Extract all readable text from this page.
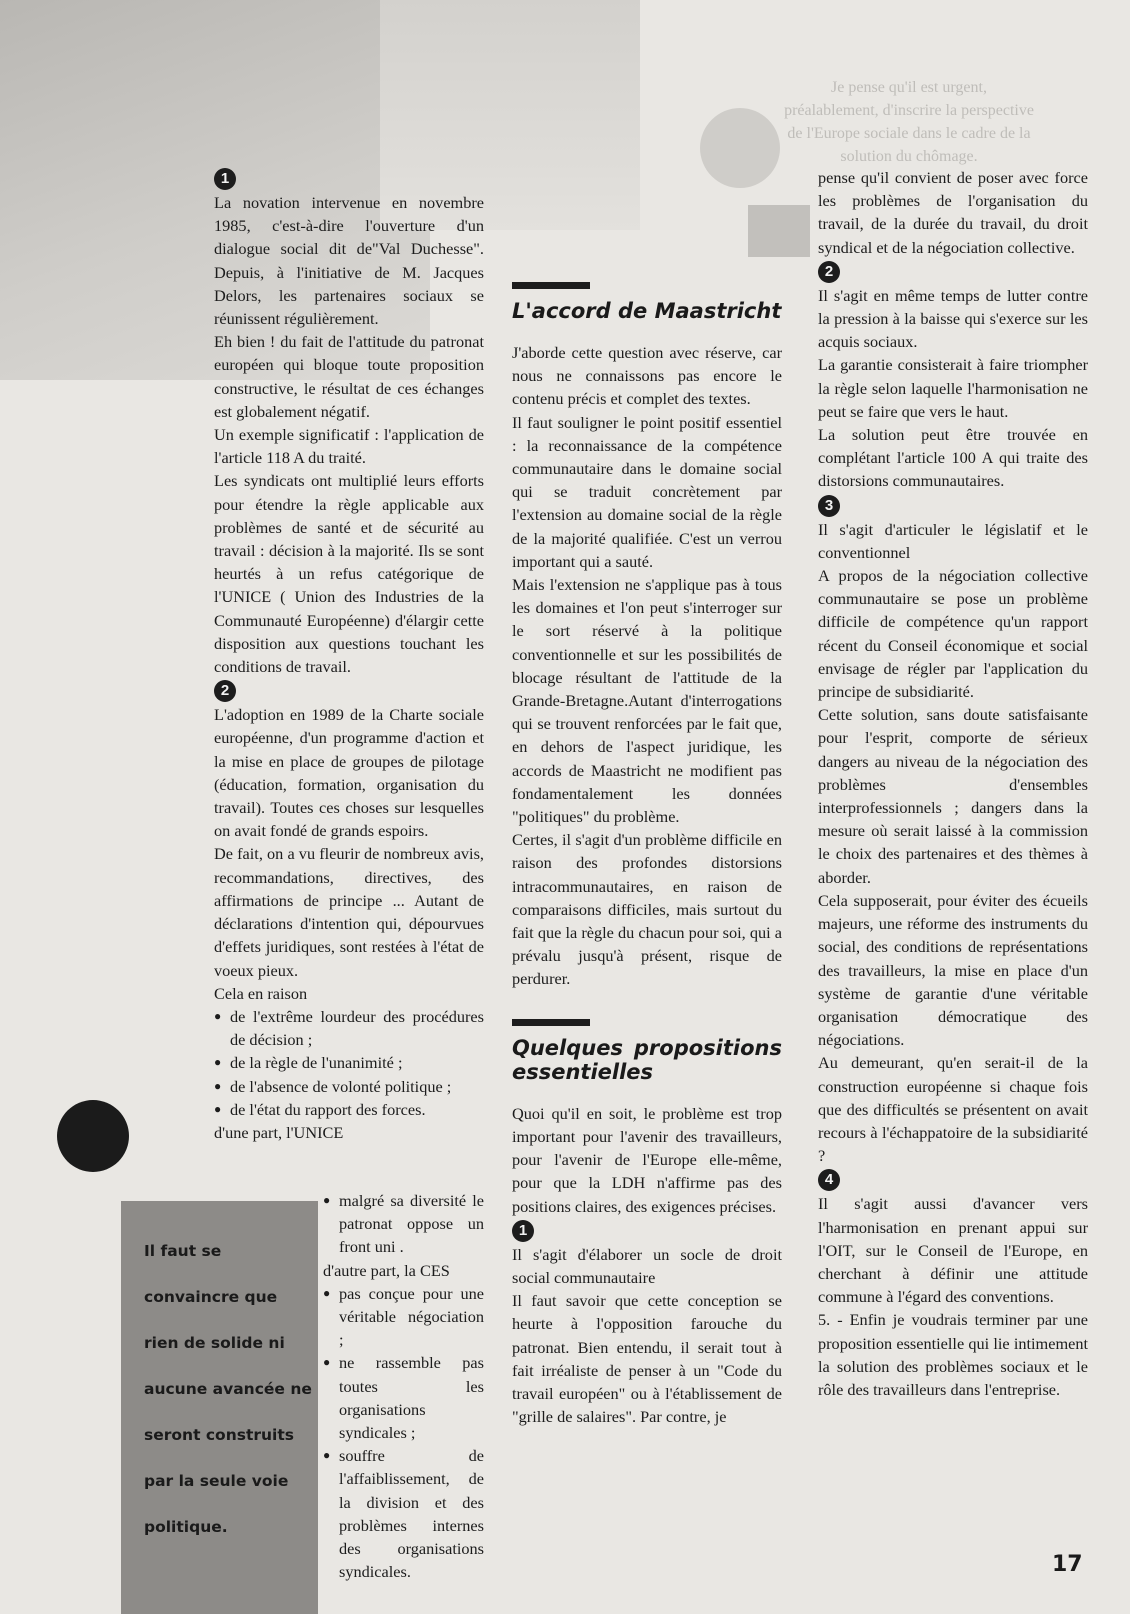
Je pense qu'il est urgent, préalablement, d'inscrire la perspective de l'Europe sociale dans le cadre de la solution du chômage.
1

La novation intervenue en novembre 1985, c'est-à-dire l'ouverture d'un dialogue social dit de"Val Duchesse". Depuis, à l'initiative de M. Jacques Delors, les partenaires sociaux se réunissent régulièrement.

Eh bien ! du fait de l'attitude du patronat européen qui bloque toute proposition constructive, le résultat de ces échanges est globalement négatif.

Un exemple significatif : l'application de l'article 118 A du traité.

Les syndicats ont multiplié leurs efforts pour étendre la règle applicable aux problèmes de santé et de sécurité au travail : décision à la majorité. Ils se sont heurtés à un refus catégorique de l'UNICE ( Union des Industries de la Communauté Européenne) d'élargir cette disposition aux questions touchant les conditions de travail.

2

L'adoption en 1989 de la Charte sociale européenne, d'un programme d'action et la mise en place de groupes de pilotage (éducation, formation, organisation du travail). Toutes ces choses sur lesquelles on avait fondé de grands espoirs.

De fait, on a vu fleurir de nombreux avis, recommandations, directives, des affirmations de principe ... Autant de déclarations d'intention qui, dépourvues d'effets juridiques, sont restées à l'état de voeux pieux.

Cela en raison

● de l'extrême lourdeur des procédures de décision ;
● de la règle de l'unanimité ;
● de l'absence de volonté politique ;
● de l'état du rapport des forces.

d'une part, l'UNICE

● malgré sa diversité le patronat oppose un front uni .

d'autre part, la CES

● pas conçue pour une véritable négociation ;
● ne rassemble pas toutes les organisations syndicales ;
● souffre de l'affaiblissement, de la division et des problèmes internes des organisations syndicales.
L'accord de Maastricht

J'aborde cette question avec réserve, car nous ne connaissons pas encore le contenu précis et complet des textes.

Il faut souligner le point positif essentiel : la reconnaissance de la compétence communautaire dans le domaine social qui se traduit concrètement par l'extension au domaine social de la règle de la majorité qualifiée. C'est un verrou important qui a sauté.

Mais l'extension ne s'applique pas à tous les domaines et l'on peut s'interroger sur le sort réservé à la politique conventionnelle et sur les possibilités de blocage résultant de l'attitude de la Grande-Bretagne.Autant d'interrogations qui se trouvent renforcées par le fait que, en dehors de l'aspect juridique, les accords de Maastricht ne modifient pas fondamentalement les données "politiques" du problème.

Certes, il s'agit d'un problème difficile en raison des profondes distorsions intracommunautaires, en raison de comparaisons difficiles, mais surtout du fait que la règle du chacun pour soi, qui a prévalu jusqu'à présent, risque de perdurer.

Quelques propositions essentielles

Quoi qu'il en soit, le problème est trop important pour l'avenir des travailleurs, pour l'avenir de l'Europe elle-même, pour que la LDH n'affirme pas des positions claires, des exigences précises.

1

Il s'agit d'élaborer un socle de droit social communautaire

Il faut savoir que cette conception se heurte à l'opposition farouche du patronat. Bien entendu, il serait tout à fait irréaliste de penser à un "Code du travail européen" ou à l'établissement de "grille de salaires". Par contre, je

pense qu'il convient de poser avec force les problèmes de l'organisation du travail, de la durée du travail, du droit syndical et de la négociation collective.

2

Il s'agit en même temps de lutter contre la pression à la baisse qui s'exerce sur les acquis sociaux.

La garantie consisterait à faire triompher la règle selon laquelle l'harmonisation ne peut se faire que vers le haut.

La solution peut être trouvée en complétant l'article 100 A qui traite des distorsions communautaires.

3

Il s'agit d'articuler le législatif et le conventionnel

A propos de la négociation collective communautaire se pose un problème difficile de compétence qu'un rapport récent du Conseil économique et social envisage de régler par l'application du principe de subsidiarité.

Cette solution, sans doute satisfaisante pour l'esprit, comporte de sérieux dangers au niveau de la négociation des problèmes d'ensembles interprofessionnels ; dangers dans la mesure où serait laissé à la commission le choix des partenaires et des thèmes à aborder.

Cela supposerait, pour éviter des écueils majeurs, une réforme des instruments du social, des conditions de représentations des travailleurs, la mise en place d'un système de garantie d'une véritable organisation démocratique des négociations.

Au demeurant, qu'en serait-il de la construction européenne si chaque fois que des difficultés se présentent on avait recours à l'échappatoire de la subsidiarité ?

4

Il s'agit aussi d'avancer vers l'harmonisation en prenant appui sur l'OIT, sur le Conseil de l'Europe, en cherchant à définir une attitude commune à l'égard des conventions.

5. - Enfin je voudrais terminer par une proposition essentielle qui lie intimement la solution des problèmes sociaux et le rôle des travailleurs dans l'entreprise.

Il faut se convaincre que rien de solide ni aucune avancée ne seront construits par la seule voie politique.

17
